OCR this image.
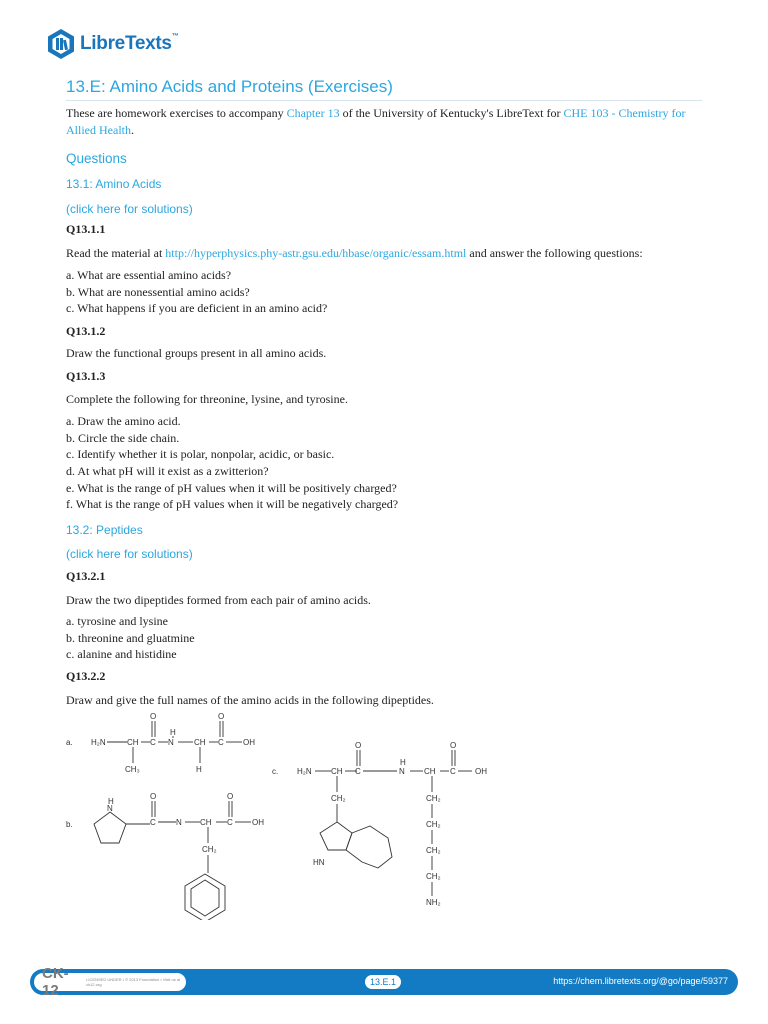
LibreTexts™
13.E: Amino Acids and Proteins (Exercises)
These are homework exercises to accompany Chapter 13 of the University of Kentucky's LibreText for CHE 103 - Chemistry for Allied Health.
Questions
13.1: Amino Acids
(click here for solutions)
Q13.1.1
Read the material at http://hyperphysics.phy-astr.gsu.edu/hbase/organic/essam.html and answer the following questions:
a. What are essential amino acids?
b. What are nonessential amino acids?
c. What happens if you are deficient in an amino acid?
Q13.1.2
Draw the functional groups present in all amino acids.
Q13.1.3
Complete the following for threonine, lysine, and tyrosine.
a. Draw the amino acid.
b. Circle the side chain.
c. Identify whether it is polar, nonpolar, acidic, or basic.
d. At what pH will it exist as a zwitterion?
e. What is the range of pH values when it will be positively charged?
f. What is the range of pH values when it will be negatively charged?
13.2: Peptides
(click here for solutions)
Q13.2.1
Draw the two dipeptides formed from each pair of amino acids.
a. tyrosine and lysine
b. threonine and gluatmine
c. alanine and histidine
Q13.2.2
Draw and give the full names of the amino acids in the following dipeptides.
a. H₂N	CH C N
H
CH C OH
O	O
CH₃	H
b.
N
H
C
O
N CH C
O
OH
CH₂
c. H₂N CH C
O
N
H
CH C
O
OH
CH₂
HN
CH₂
CH₂
CH₂
CH₂
NH₂
CK-12
LICENSED UNDER • © 2013 Foundation • Visit us at ck12.org	13.E.1	https://chem.libretexts.org/@go/page/59377
